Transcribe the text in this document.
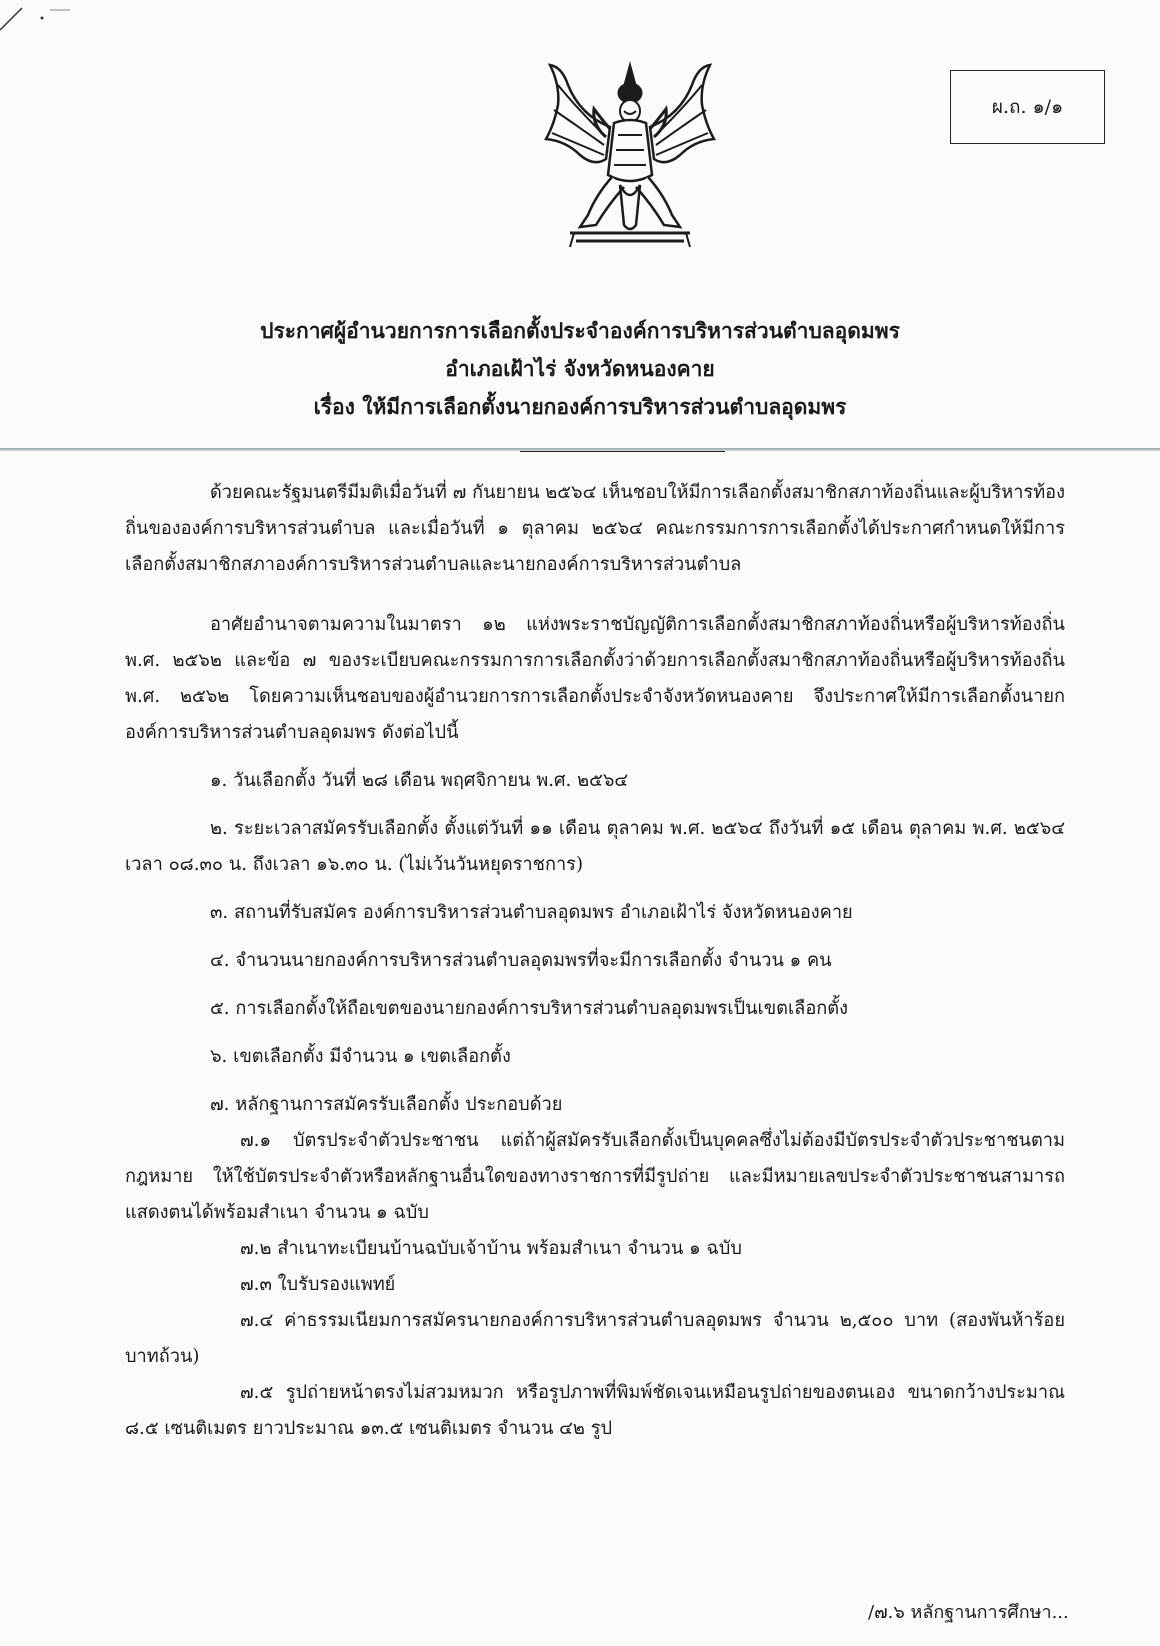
ผ.ถ. ๑/๑
ประกาศผู้อำนวยการการเลือกตั้งประจำองค์การบริหารส่วนตำบลอุดมพร
อำเภอเฝ้าไร่ จังหวัดหนองคาย
เรื่อง ให้มีการเลือกตั้งนายกองค์การบริหารส่วนตำบลอุดมพร

ด้วยคณะรัฐมนตรีมีมติเมื่อวันที่ ๗ กันยายน ๒๕๖๔ เห็นชอบให้มีการเลือกตั้งสมาชิกสภาท้องถิ่นและผู้บริหารท้องถิ่นขององค์การบริหารส่วนตำบล และเมื่อวันที่ ๑ ตุลาคม ๒๕๖๔ คณะกรรมการการเลือกตั้งได้ประกาศกำหนดให้มีการเลือกตั้งสมาชิกสภาองค์การบริหารส่วนตำบลและนายกองค์การบริหารส่วนตำบล

อาศัยอำนาจตามความในมาตรา ๑๒ แห่งพระราชบัญญัติการเลือกตั้งสมาชิกสภาท้องถิ่นหรือผู้บริหารท้องถิ่น พ.ศ. ๒๕๖๒ และข้อ ๗ ของระเบียบคณะกรรมการการเลือกตั้งว่าด้วยการเลือกตั้งสมาชิกสภาท้องถิ่นหรือผู้บริหารท้องถิ่น พ.ศ. ๒๕๖๒ โดยความเห็นชอบของผู้อำนวยการการเลือกตั้งประจำจังหวัดหนองคาย จึงประกาศให้มีการเลือกตั้งนายกองค์การบริหารส่วนตำบลอุดมพร ดังต่อไปนี้

๑. วันเลือกตั้ง วันที่ ๒๘ เดือน พฤศจิกายน พ.ศ. ๒๕๖๔

๒. ระยะเวลาสมัครรับเลือกตั้ง ตั้งแต่วันที่ ๑๑ เดือน ตุลาคม พ.ศ. ๒๕๖๔ ถึงวันที่ ๑๕ เดือน ตุลาคม พ.ศ. ๒๕๖๔ เวลา ๐๘.๓๐ น. ถึงเวลา ๑๖.๓๐ น. (ไม่เว้นวันหยุดราชการ)

๓. สถานที่รับสมัคร องค์การบริหารส่วนตำบลอุดมพร อำเภอเฝ้าไร่ จังหวัดหนองคาย

๔. จำนวนนายกองค์การบริหารส่วนตำบลอุดมพรที่จะมีการเลือกตั้ง จำนวน ๑ คน

๕. การเลือกตั้งให้ถือเขตของนายกองค์การบริหารส่วนตำบลอุดมพรเป็นเขตเลือกตั้ง

๖. เขตเลือกตั้ง มีจำนวน ๑ เขตเลือกตั้ง

๗. หลักฐานการสมัครรับเลือกตั้ง ประกอบด้วย

๗.๑ บัตรประจำตัวประชาชน แต่ถ้าผู้สมัครรับเลือกตั้งเป็นบุคคลซึ่งไม่ต้องมีบัตรประจำตัวประชาชนตามกฎหมาย ให้ใช้บัตรประจำตัวหรือหลักฐานอื่นใดของทางราชการที่มีรูปถ่าย และมีหมายเลขประจำตัวประชาชนสามารถแสดงตนได้พร้อมสำเนา จำนวน ๑ ฉบับ

๗.๒ สำเนาทะเบียนบ้านฉบับเจ้าบ้าน พร้อมสำเนา จำนวน ๑ ฉบับ

๗.๓ ใบรับรองแพทย์

๗.๔ ค่าธรรมเนียมการสมัครนายกองค์การบริหารส่วนตำบลอุดมพร จำนวน ๒,๕๐๐ บาท (สองพันห้าร้อยบาทถ้วน)

๗.๕ รูปถ่ายหน้าตรงไม่สวมหมวก หรือรูปภาพที่พิมพ์ชัดเจนเหมือนรูปถ่ายของตนเอง ขนาดกว้างประมาณ ๘.๕ เซนติเมตร ยาวประมาณ ๑๓.๕ เซนติเมตร จำนวน ๔๒ รูป

/๗.๖ หลักฐานการศึกษา...
